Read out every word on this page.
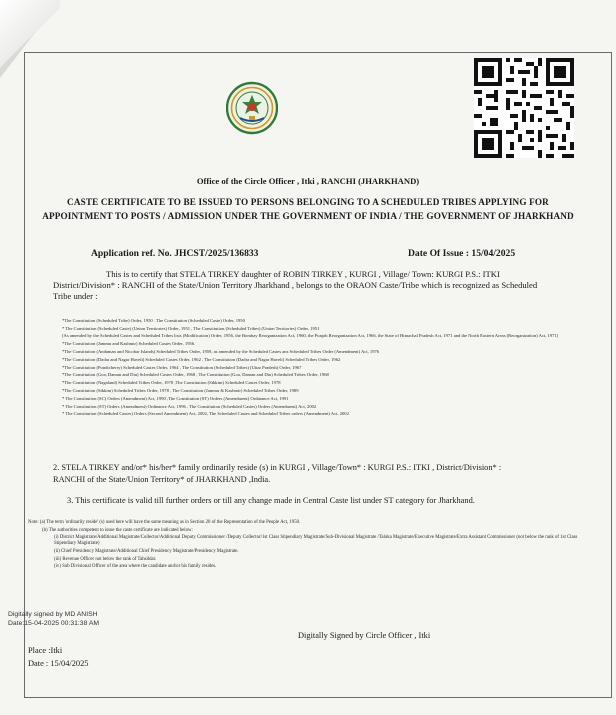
Office of the Circle Officer , Itki , RANCHI (JHARKHAND)
CASTE CERTIFICATE TO BE ISSUED TO PERSONS BELONGING TO A SCHEDULED TRIBES APPLYING FOR
APPOINTMENT TO POSTS / ADMISSION UNDER THE GOVERNMENT OF INDIA / THE GOVERNMENT OF JHARKHAND
Application ref. No. JHCST/2025/136833	Date Of Issue : 15/04/2025
This is to certify that STELA TIRKEY daughter of ROBIN TIRKEY , KURGI , Village/ Town: KURGI P.S.: ITKI
District/Division* : RANCHI of the State/Union Territory Jharkhand , belongs to the ORAON Caste/Tribe which is recognized as Scheduled
Tribe under :
*The Constitution (Scheduled Tribe) Order, 1950 . The Constitution (Scheduled Caste) Order, 1950
* The Constitution (Scheduled Caste) (Union Territories) Order, 1951 , The Constitution (Scheduled Tribes) (Union Territories) Order, 1951
[As amended by the Scheduled Castes and Scheduled Tribes lists (Modification) Order, 1956, the Bombay Reorganization Act, 1960, the Punjab Reorganization Act, 1966, the State of Himachal Pradesh Act, 1971 and the North Eastern Areas (Reorganization) Act, 1971]
*The Constitution (Jammu and Kashmir) Scheduled Castes Order, 1956.
*The Constitution (Andaman and Nicobar Islands) Scheduled Tribes Order, 1959, as amended by the Scheduled Castes ans Scheduled Tribes Order (Amendment) Act, 1976
*The Constitution (Dadra and Nagar Haveli) Scheduled Castes Order, 1962 , The Constitution (Dadra and Nagar Haveli) Scheduled Tribes Order, 1962
*The Constitution (Pondicherry) Scheduled Castes Order, 1964 , The Constitution (Scheduled Tribes) (Uttar Pradesh) Order, 1967
*The Constitution (Goa, Daman and Diu) Scheduled Castes Order, 1968 , The Constitution (Goa, Daman and Diu) Scheduled Tribes Order, 1968
*The Constitution (Nagaland) Scheduled Tribes Order, 1970 ,The Constitution (Sikkim) Scheduled Castes Order, 1978
*The Constitution (Sikkim) Scheduled Tribes Order, 1978 , The Constitution (Jammu & Kashmir) Scheduled Tribes Order, 1989
* The Constitution (SC) Orders (Amendment) Act, 1990 ,The Constitution (ST) Orders (Amendment) Ordinance Act, 1991
* The Constitution (ST) Orders (Amendment) Ordinance Act, 1996 , The Constitution (Scheduled Castes) Orders (Amendment) Act, 2002
* The Constitution (Scheduled Castes) Orders (Second Amendment) Act, 2002, The Scheduled Castes and Scheduled Tribes orders (Amendment) Act, 2002
2. STELA TIRKEY and/or* his/her* family ordinarily reside (s) in KURGI , Village/Town* : KURGI P.S.: ITKI , District/Division* :
RANCHI of the State/Union Territory* of JHARKHAND ,India.
3. This certificate is valid till further orders or till any change made in Central Caste list under ST category for Jharkhand.
Note: (a) The term 'ordinarily reside' (s) used here will have the same meaning as in Section 20 of the Representation of the People Act, 1950.
(b) The authorities competent to issue the caste certificate are indicated below:
(i) District Magistrate/Additional Magistrate/Collector/Additional Deputy Commissioner /Deputy Collector/1st Class Stipendiary Magistrate/Sub-Divisional Magistrate /Taluka Magistrate/Executive Magistrate/Extra Assistant Commissioner (not below the rank of 1st Class Stipendiary Magistrate)
(ii) Chief Presidency Magistrate/Additional Chief Presidency Magistrate/Presidency Magistrate.
(iii) Revenue Officer not below the rank of Tahsildar.
(iv) Sub Divisional Officer of the area where the candidate and/or his family resides.
Digitally signed by MD ANISH
Date:15-04-2025 00:31:38 AM
Digitally Signed by Circle Officer , Itki
Place :Itki
Date : 15/04/2025
